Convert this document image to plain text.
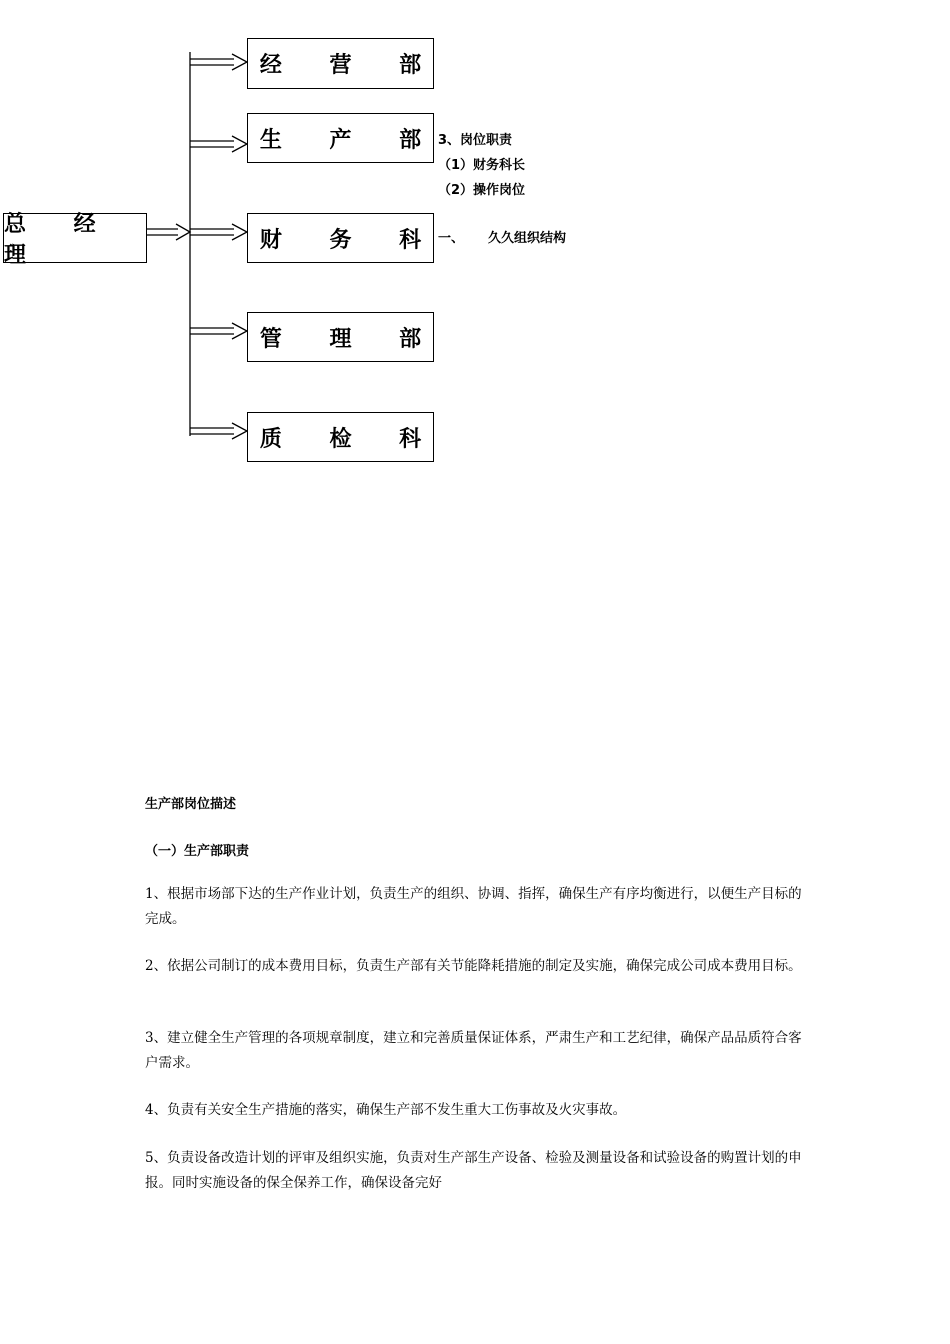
总 经 理
经 营 部
生 产 部
财 务 科
管 理 部
质 检 科
3、岗位职责
（1）财务科长
（2）操作岗位
一、 久久组织结构
生产部岗位描述
（一）生产部职责
1、根据市场部下达的生产作业计划，负责生产的组织、协调、指挥，确保生产有序均衡进行，以便生产目标的完成。
2、依据公司制订的成本费用目标，负责生产部有关节能降耗措施的制定及实施，确保完成公司成本费用目标。
3、建立健全生产管理的各项规章制度，建立和完善质量保证体系，严肃生产和工艺纪律，确保产品品质符合客户需求。
4、负责有关安全生产措施的落实，确保生产部不发生重大工伤事故及火灾事故。
5、负责设备改造计划的评审及组织实施，负责对生产部生产设备、检验及测量设备和试验设备的购置计划的申报。同时实施设备的保全保养工作，确保设备完好
